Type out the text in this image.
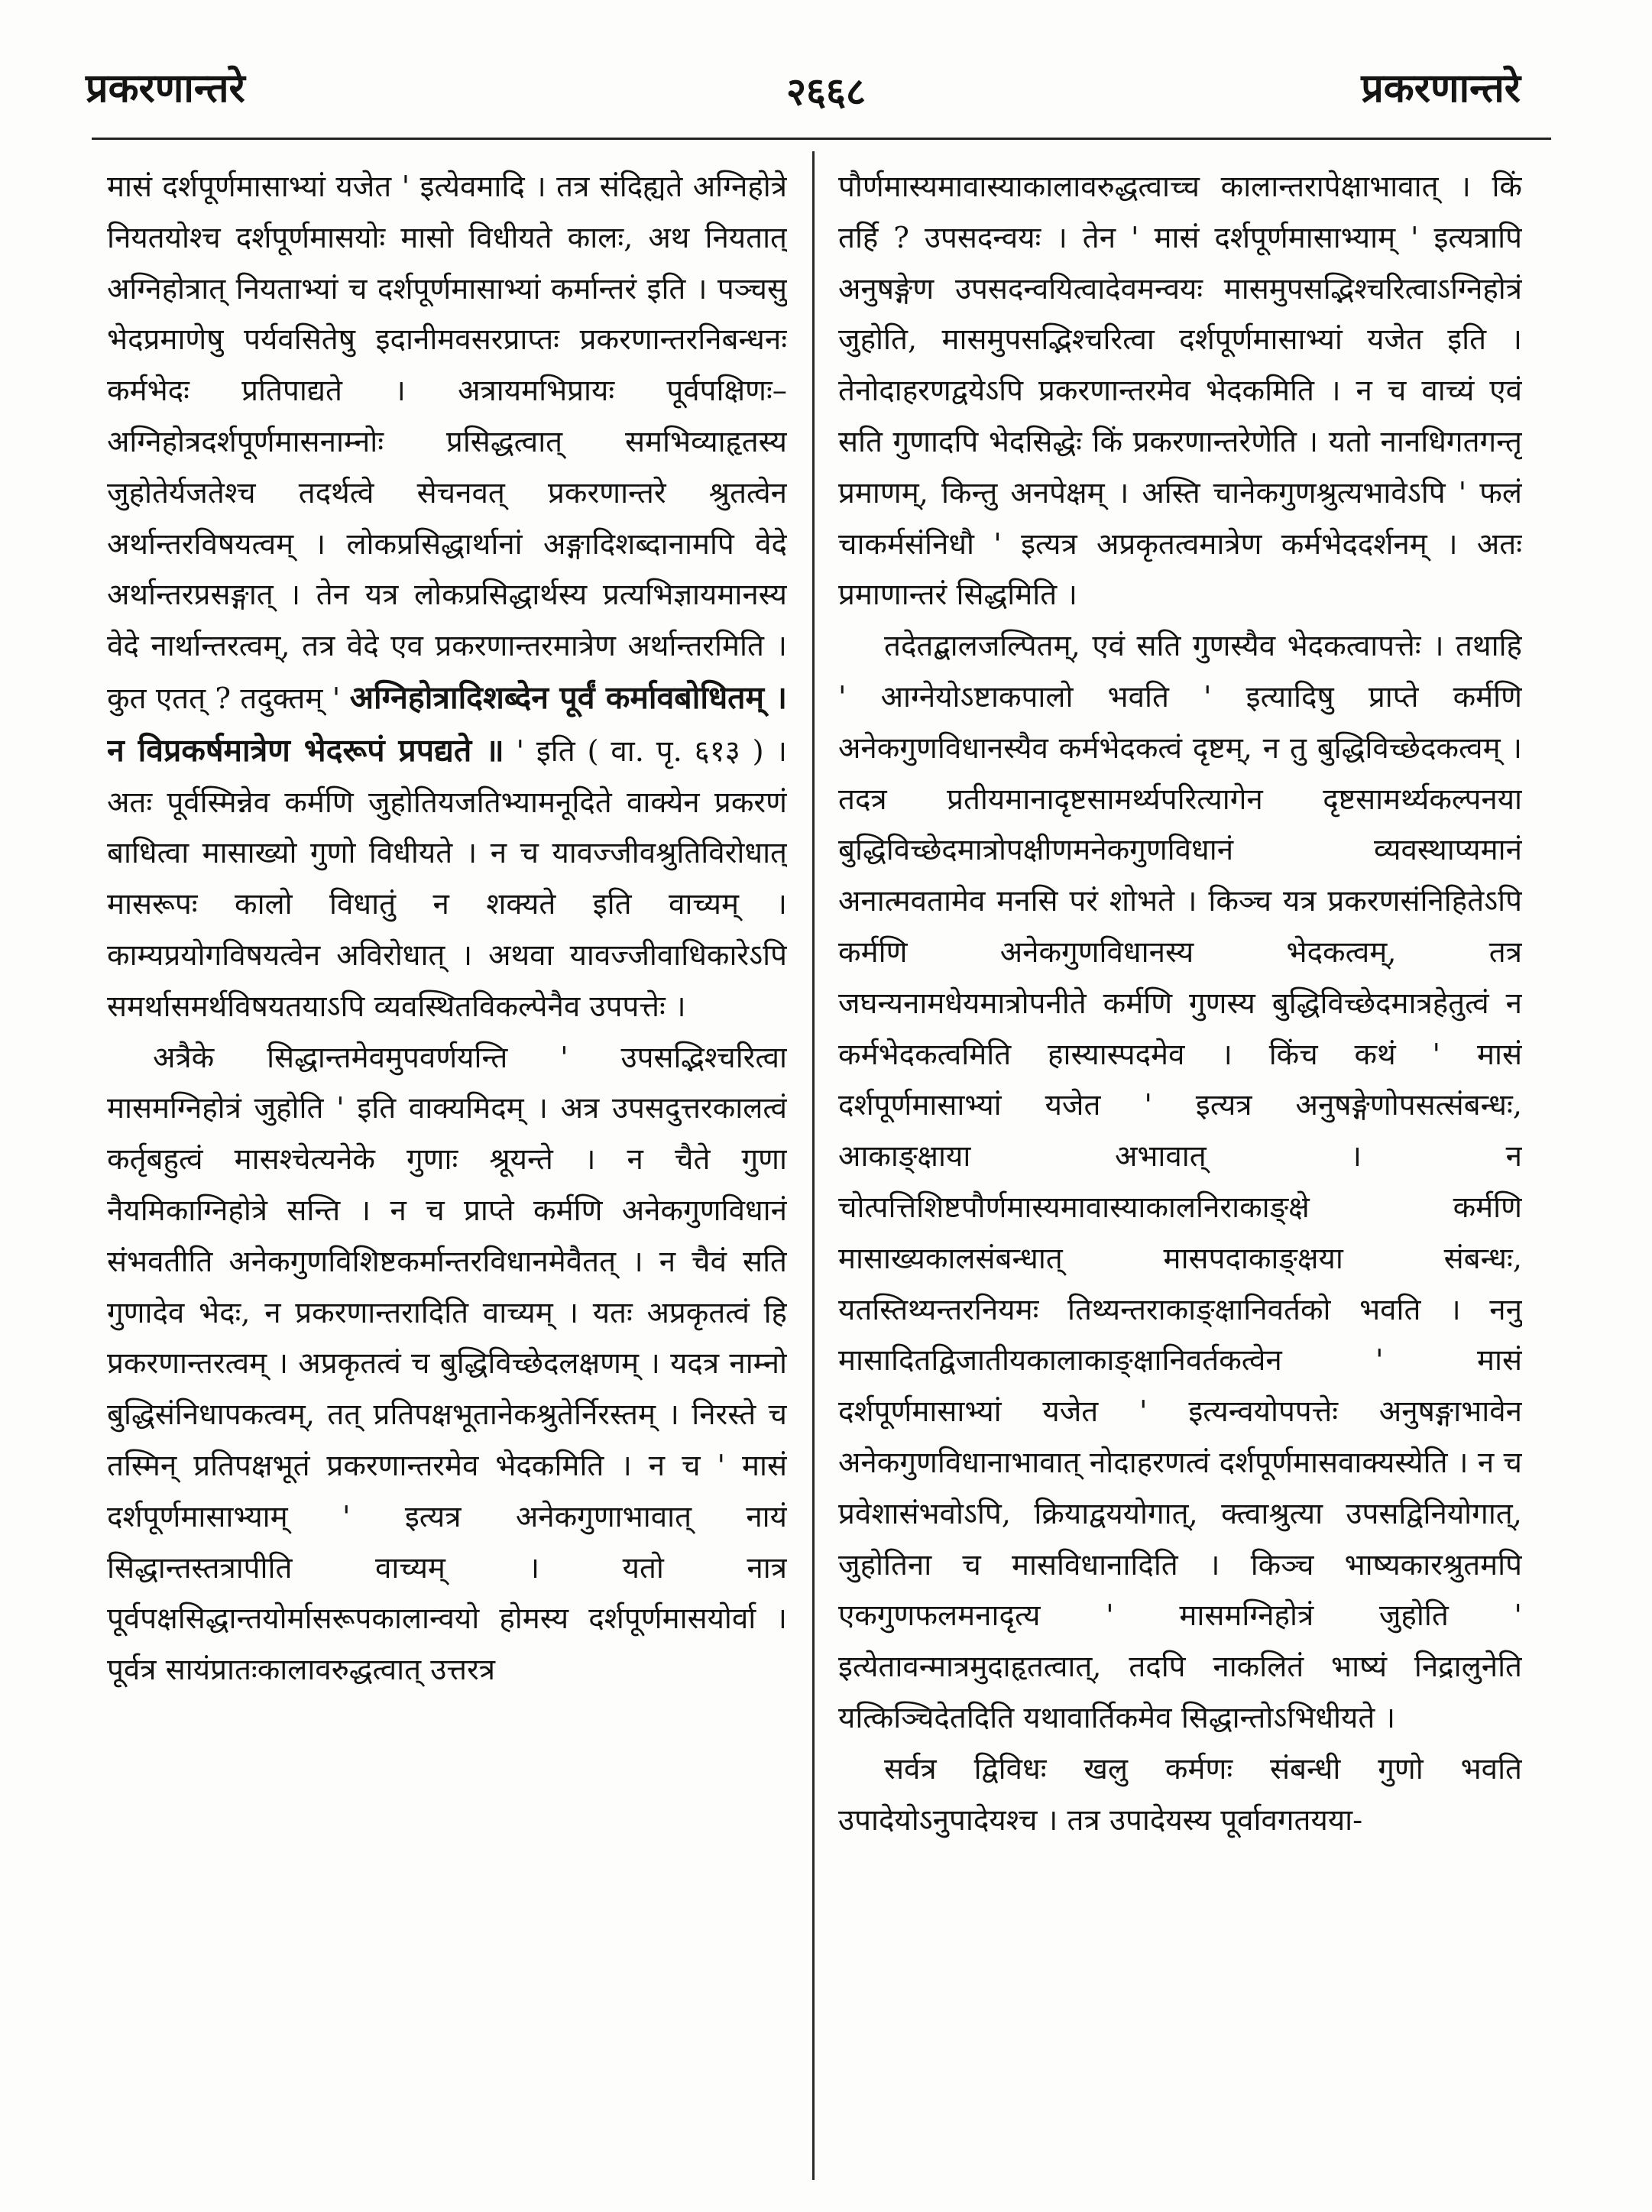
प्रकरणान्तरे	२६६८	प्रकरणान्तरे

मासं दर्शपूर्णमासाभ्यां यजेत ' इत्येवमादि । तत्र संदिह्यते अग्निहोत्रे नियतयोश्च दर्शपूर्णमासयोः मासो विधीयते कालः, अथ नियतात् अग्निहोत्रात् नियताभ्यां च दर्शपूर्णमासाभ्यां कर्मान्तरं इति । पञ्चसु भेदप्रमाणेषु पर्यवसितेषु इदानीमवसरप्राप्तः प्रकरणान्तरनिबन्धनः कर्मभेदः प्रतिपाद्यते । अत्रायमभिप्रायः पूर्वपक्षिणः– अग्निहोत्रदर्शपूर्णमासनाम्नोः प्रसिद्धत्वात् समभिव्याहृतस्य जुहोतेर्यजतेश्च तदर्थत्वे सेचनवत् प्रकरणान्तरे श्रुतत्वेन अर्थान्तरविषयत्वम् । लोकप्रसिद्धार्थानां अङ्गादिशब्दानामपि वेदे अर्थान्तरप्रसङ्गात् । तेन यत्र लोकप्रसिद्धार्थस्य प्रत्यभिज्ञायमानस्य वेदे नार्थान्तरत्वम्, तत्र वेदे एव प्रकरणान्तरमात्रेण अर्थान्तरमिति । कुत एतत् ? तदुक्तम् ' अग्निहोत्रादिशब्देन पूर्वं कर्मावबोधितम् । न विप्रकर्षमात्रेण भेदरूपं प्रपद्यते ॥ ' इति ( वा. पृ. ६१३ ) । अतः पूर्वस्मिन्नेव कर्मणि जुहोतियजतिभ्यामनूदिते वाक्येन प्रकरणं बाधित्वा मासाख्यो गुणो विधीयते । न च यावज्जीवश्रुतिविरोधात् मासरूपः कालो विधातुं न शक्यते इति वाच्यम् । काम्यप्रयोगविषयत्वेन अविरोधात् । अथवा यावज्जीवाधिकारेऽपि समर्थासमर्थविषयतयाऽपि व्यवस्थितविकल्पेनैव उपपत्तेः ।

अत्रैके सिद्धान्तमेवमुपवर्णयन्ति ' उपसद्भिश्चरित्वा मासमग्निहोत्रं जुहोति ' इति वाक्यमिदम् । अत्र उपसदुत्तरकालत्वं कर्तृबहुत्वं मासश्चेत्यनेके गुणाः श्रूयन्ते । न चैते गुणा नैयमिकाग्निहोत्रे सन्ति । न च प्राप्ते कर्मणि अनेकगुणविधानं संभवतीति अनेकगुणविशिष्टकर्मान्तरविधानमेवैतत् । न चैवं सति गुणादेव भेदः, न प्रकरणान्तरादिति वाच्यम् । यतः अप्रकृतत्वं हि प्रकरणान्तरत्वम् । अप्रकृतत्वं च बुद्धिविच्छेदलक्षणम् । यदत्र नाम्नो बुद्धिसंनिधापकत्वम्, तत् प्रतिपक्षभूतानेकश्रुतेर्निरस्तम् । निरस्ते च तस्मिन् प्रतिपक्षभूतं प्रकरणान्तरमेव भेदकमिति । न च ' मासं दर्शपूर्णमासाभ्याम् ' इत्यत्र अनेकगुणाभावात् नायं सिद्धान्तस्तत्रापीति वाच्यम् । यतो नात्र पूर्वपक्षसिद्धान्तयोर्मासरूपकालान्वयो होमस्य दर्शपूर्णमासयोर्वा । पूर्वत्र सायंप्रातःकालावरुद्धत्वात् उत्तरत्र

पौर्णमास्यमावास्याकालावरुद्धत्वाच्च कालान्तरापेक्षाभावात् । किं तर्हि ? उपसदन्वयः । तेन ' मासं दर्शपूर्णमासाभ्याम् ' इत्यत्रापि अनुषङ्गेण उपसदन्वयित्वादेवमन्वयः मासमुपसद्भिश्चरित्वाऽग्निहोत्रं जुहोति, मासमुपसद्भिश्चरित्वा दर्शपूर्णमासाभ्यां यजेत इति । तेनोदाहरणद्वयेऽपि प्रकरणान्तरमेव भेदकमिति । न च वाच्यं एवं सति गुणादपि भेदसिद्धेः किं प्रकरणान्तरेणेति । यतो नानधिगतगन्तृ प्रमाणम्, किन्तु अनपेक्षम् । अस्ति चानेकगुणश्रुत्यभावेऽपि ' फलं चाकर्मसंनिधौ ' इत्यत्र अप्रकृतत्वमात्रेण कर्मभेददर्शनम् । अतः प्रमाणान्तरं सिद्धमिति ।

तदेतद्बालजल्पितम्, एवं सति गुणस्यैव भेदकत्वापत्तेः । तथाहि ' आग्नेयोऽष्टाकपालो भवति ' इत्यादिषु प्राप्ते कर्मणि अनेकगुणविधानस्यैव कर्मभेदकत्वं दृष्टम्, न तु बुद्धिविच्छेदकत्वम् । तदत्र प्रतीयमानादृष्टसामर्थ्यपरित्यागेन दृष्टसामर्थ्यकल्पनया बुद्धिविच्छेदमात्रोपक्षीणमनेकगुणविधानं व्यवस्थाप्यमानं अनात्मवतामेव मनसि परं शोभते । किञ्च यत्र प्रकरणसंनिहितेऽपि कर्मणि अनेकगुणविधानस्य भेदकत्वम्, तत्र जघन्यनामधेयमात्रोपनीते कर्मणि गुणस्य बुद्धिविच्छेदमात्रहेतुत्वं न कर्मभेदकत्वमिति हास्यास्पदमेव । किंच कथं ' मासं दर्शपूर्णमासाभ्यां यजेत ' इत्यत्र अनुषङ्गेणोपसत्संबन्धः, आकाङ्क्षाया अभावात् । न चोत्पत्तिशिष्टपौर्णमास्यमावास्याकालनिराकाङ्क्षे कर्मणि मासाख्यकालसंबन्धात् मासपदाकाङ्क्षया संबन्धः, यतस्तिथ्यन्तरनियमः तिथ्यन्तराकाङ्क्षानिवर्तको भवति । ननु मासादितद्विजातीयकालाकाङ्क्षानिवर्तकत्वेन ' मासं दर्शपूर्णमासाभ्यां यजेत ' इत्यन्वयोपपत्तेः अनुषङ्गाभावेन अनेकगुणविधानाभावात् नोदाहरणत्वं दर्शपूर्णमासवाक्यस्येति । न च प्रवेशासंभवोऽपि, क्रियाद्वययोगात्, क्त्वाश्रुत्या उपसद्विनियोगात्, जुहोतिना च मासविधानादिति । किञ्च भाष्यकारश्रुतमपि एकगुणफलमनादृत्य ' मासमग्निहोत्रं जुहोति ' इत्येतावन्मात्रमुदाहृतत्वात्, तदपि नाकलितं भाष्यं निद्रालुनेति यत्किञ्चिदेतदिति यथावार्तिकमेव सिद्धान्तोऽभिधीयते ।

सर्वत्र द्विविधः खलु कर्मणः संबन्धी गुणो भवति उपादेयोऽनुपादेयश्च । तत्र उपादेयस्य पूर्वावगतयया-
